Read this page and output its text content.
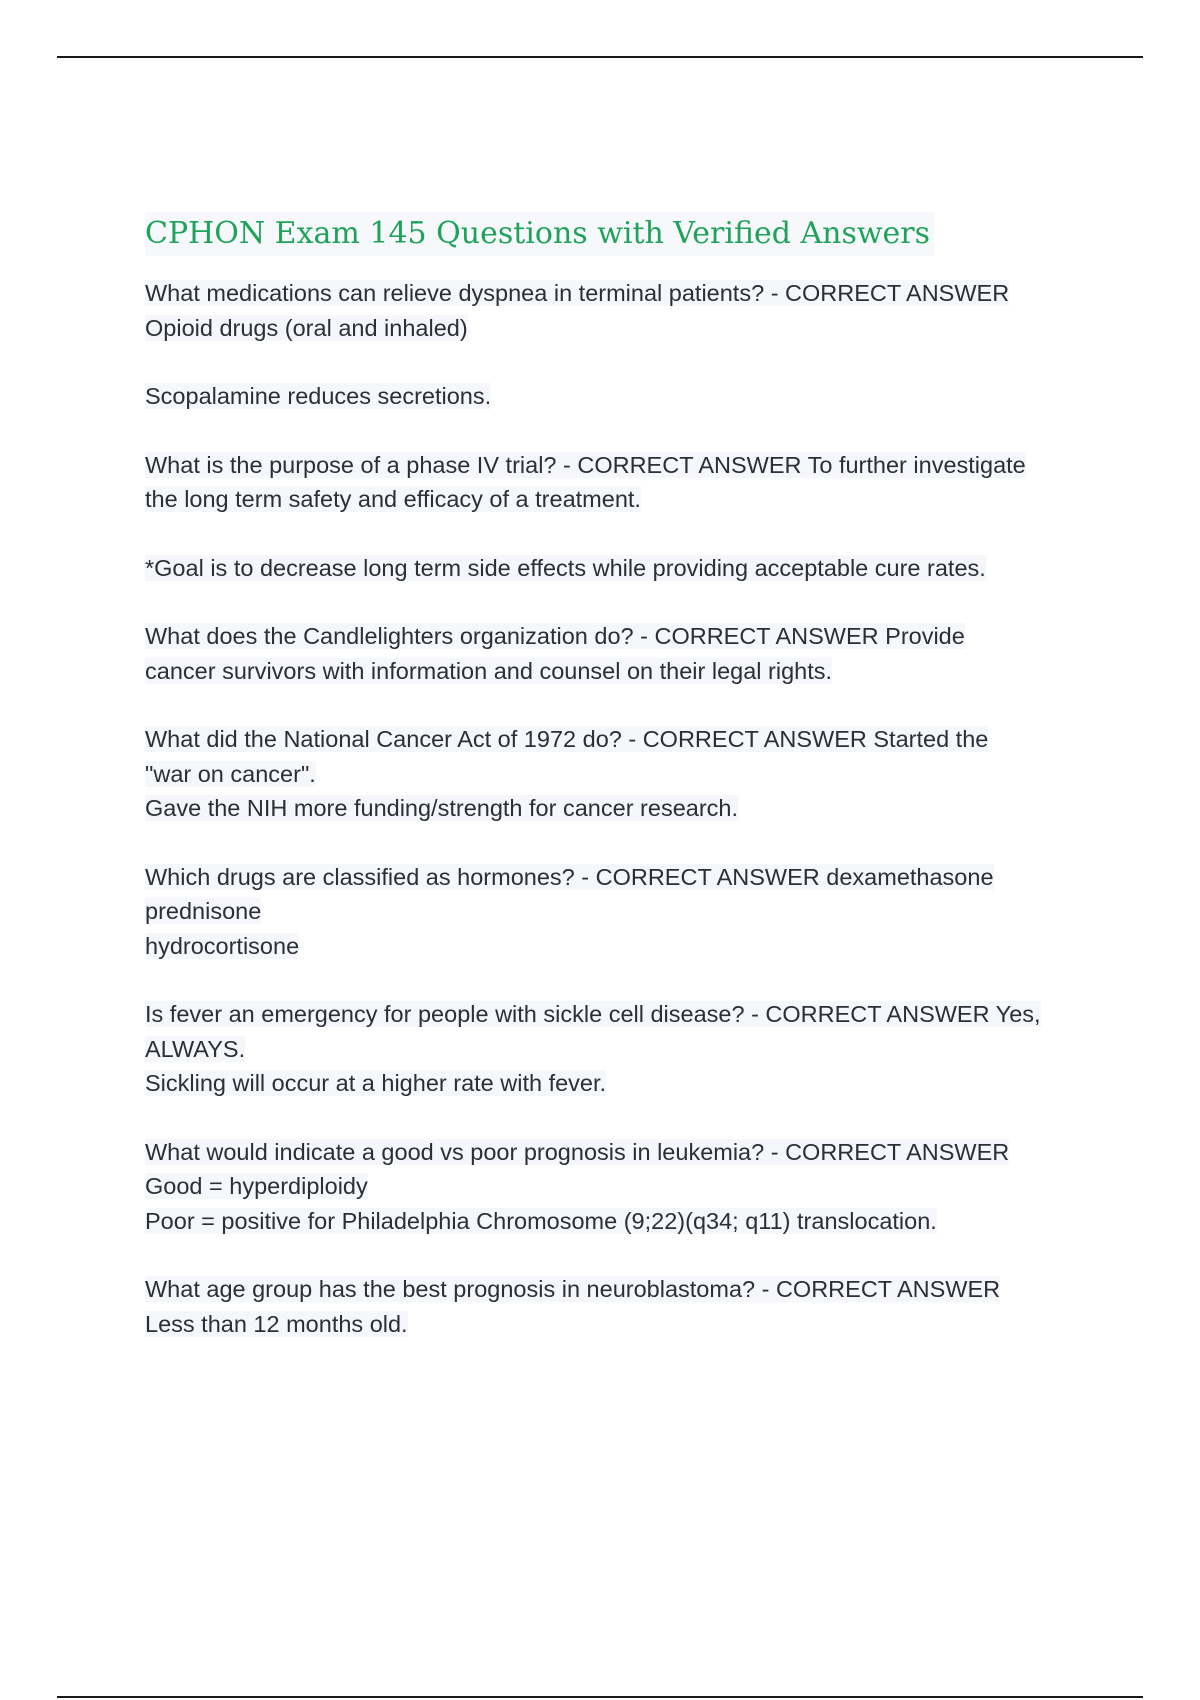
CPHON Exam 145 Questions with Verified Answers
What medications can relieve dyspnea in terminal patients? - CORRECT ANSWER
Opioid drugs (oral and inhaled)
Scopalamine reduces secretions.
What is the purpose of a phase IV trial? - CORRECT ANSWER To further investigate
the long term safety and efficacy of a treatment.
*Goal is to decrease long term side effects while providing acceptable cure rates.
What does the Candlelighters organization do? - CORRECT ANSWER Provide
cancer survivors with information and counsel on their legal rights.
What did the National Cancer Act of 1972 do? - CORRECT ANSWER Started the
"war on cancer".
Gave the NIH more funding/strength for cancer research.
Which drugs are classified as hormones? - CORRECT ANSWER dexamethasone
prednisone
hydrocortisone
Is fever an emergency for people with sickle cell disease? - CORRECT ANSWER Yes,
ALWAYS.
Sickling will occur at a higher rate with fever.
What would indicate a good vs poor prognosis in leukemia? - CORRECT ANSWER
Good = hyperdiploidy
Poor = positive for Philadelphia Chromosome (9;22)(q34; q11) translocation.
What age group has the best prognosis in neuroblastoma? - CORRECT ANSWER
Less than 12 months old.
